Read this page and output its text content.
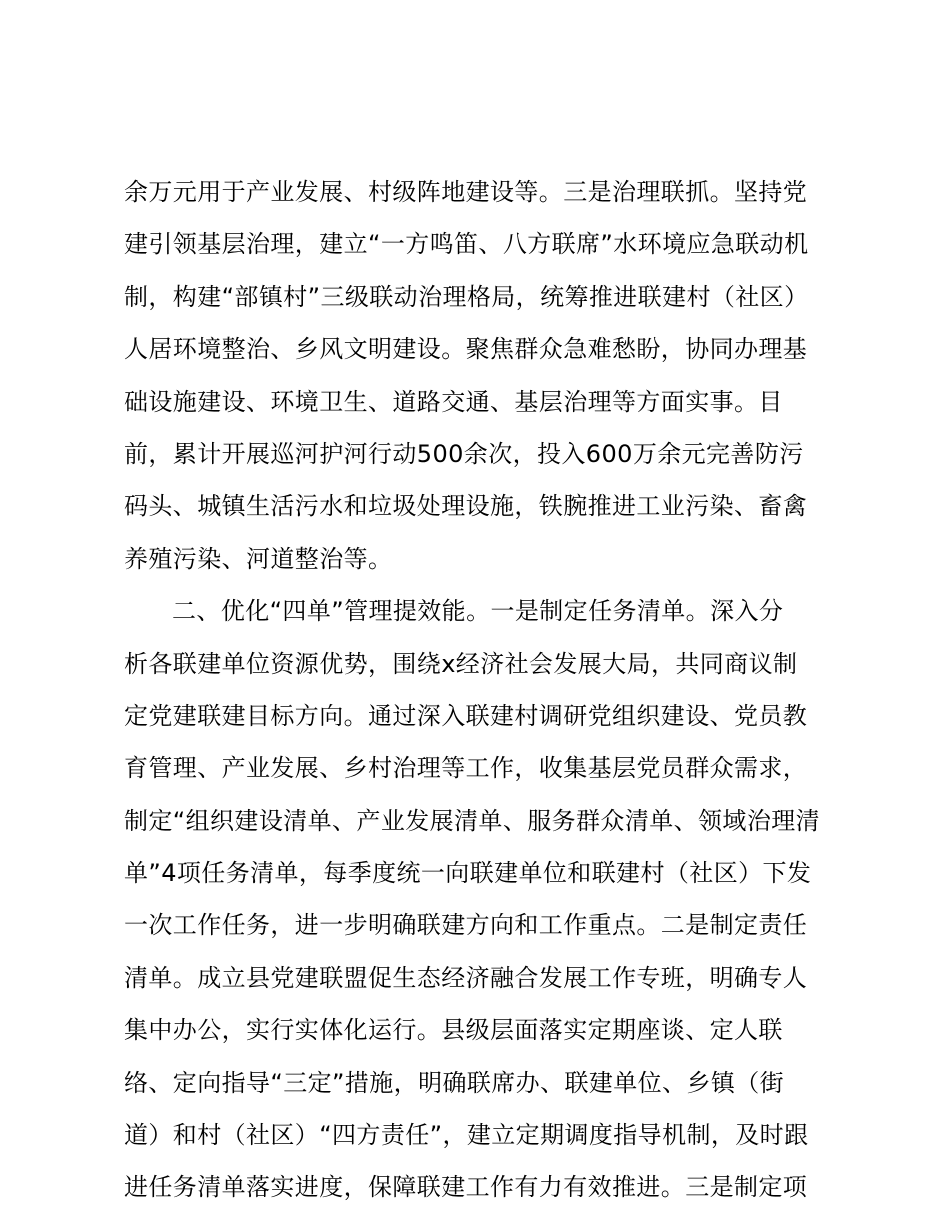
余万元用于产业发展、村级阵地建设等。三是治理联抓。坚持党
建引领基层治理，建立“一方鸣笛、八方联席”水环境应急联动机
制，构建“部镇村”三级联动治理格局，统筹推进联建村（社区）
人居环境整治、乡风文明建设。聚焦群众急难愁盼，协同办理基
础设施建设、环境卫生、道路交通、基层治理等方面实事。目
前，累计开展巡河护河行动500余次，投入600万余元完善防污
码头、城镇生活污水和垃圾处理设施，铁腕推进工业污染、畜禽
养殖污染、河道整治等。
二、优化“四单”管理提效能。一是制定任务清单。深入分
析各联建单位资源优势，围绕x经济社会发展大局，共同商议制
定党建联建目标方向。通过深入联建村调研党组织建设、党员教
育管理、产业发展、乡村治理等工作，收集基层党员群众需求，
制定“组织建设清单、产业发展清单、服务群众清单、领域治理清
单”4项任务清单，每季度统一向联建单位和联建村（社区）下发
一次工作任务，进一步明确联建方向和工作重点。二是制定责任
清单。成立县党建联盟促生态经济融合发展工作专班，明确专人
集中办公，实行实体化运行。县级层面落实定期座谈、定人联
络、定向指导“三定”措施，明确联席办、联建单位、乡镇（街
道）和村（社区）“四方责任”，建立定期调度指导机制，及时跟
进任务清单落实进度，保障联建工作有力有效推进。三是制定项
